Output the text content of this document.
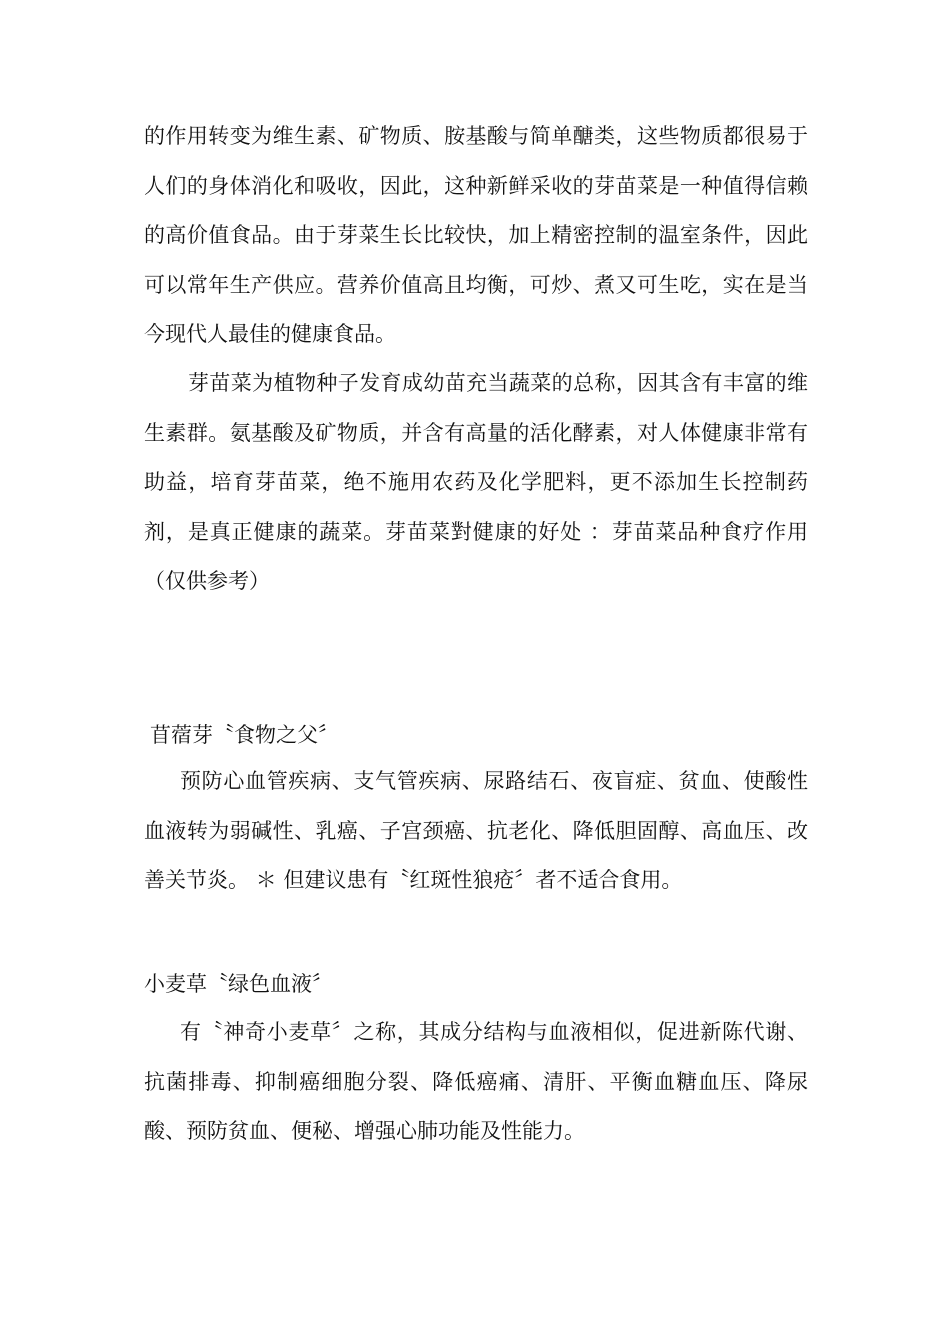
的作用转变为维生素、矿物质、胺基酸与简单醣类，这些物质都很易于人们的身体消化和吸收，因此，这种新鲜采收的芽苗菜是一种值得信赖的高价值食品。由于芽菜生长比较快，加上精密控制的温室条件，因此可以常年生产供应。营养价值高且均衡，可炒、煮又可生吃，实在是当今现代人最佳的健康食品。

芽苗菜为植物种子发育成幼苗充当蔬菜的总称，因其含有丰富的维生素群。氨基酸及矿物质，并含有高量的活化酵素，对人体健康非常有助益，培育芽苗菜，绝不施用农药及化学肥料，更不添加生长控制药剂，是真正健康的蔬菜。芽苗菜對健康的好处 ：芽苗菜品种食疗作用（仅供参考）

苜蓿芽〝食物之父〞

预防心血管疾病、支气管疾病、尿路结石、夜盲症、贫血、使酸性血液转为弱碱性、乳癌、子宫颈癌、抗老化、降低胆固醇、高血压、改善关节炎。 ＊ 但建议患有〝红斑性狼疮〞者不适合食用。

小麦草〝绿色血液〞

有〝神奇小麦草〞之称，其成分结构与血液相似，促进新陈代谢、抗菌排毒、抑制癌细胞分裂、降低癌痛、清肝、平衡血糖血压、降尿酸、预防贫血、便秘、增强心肺功能及性能力。
